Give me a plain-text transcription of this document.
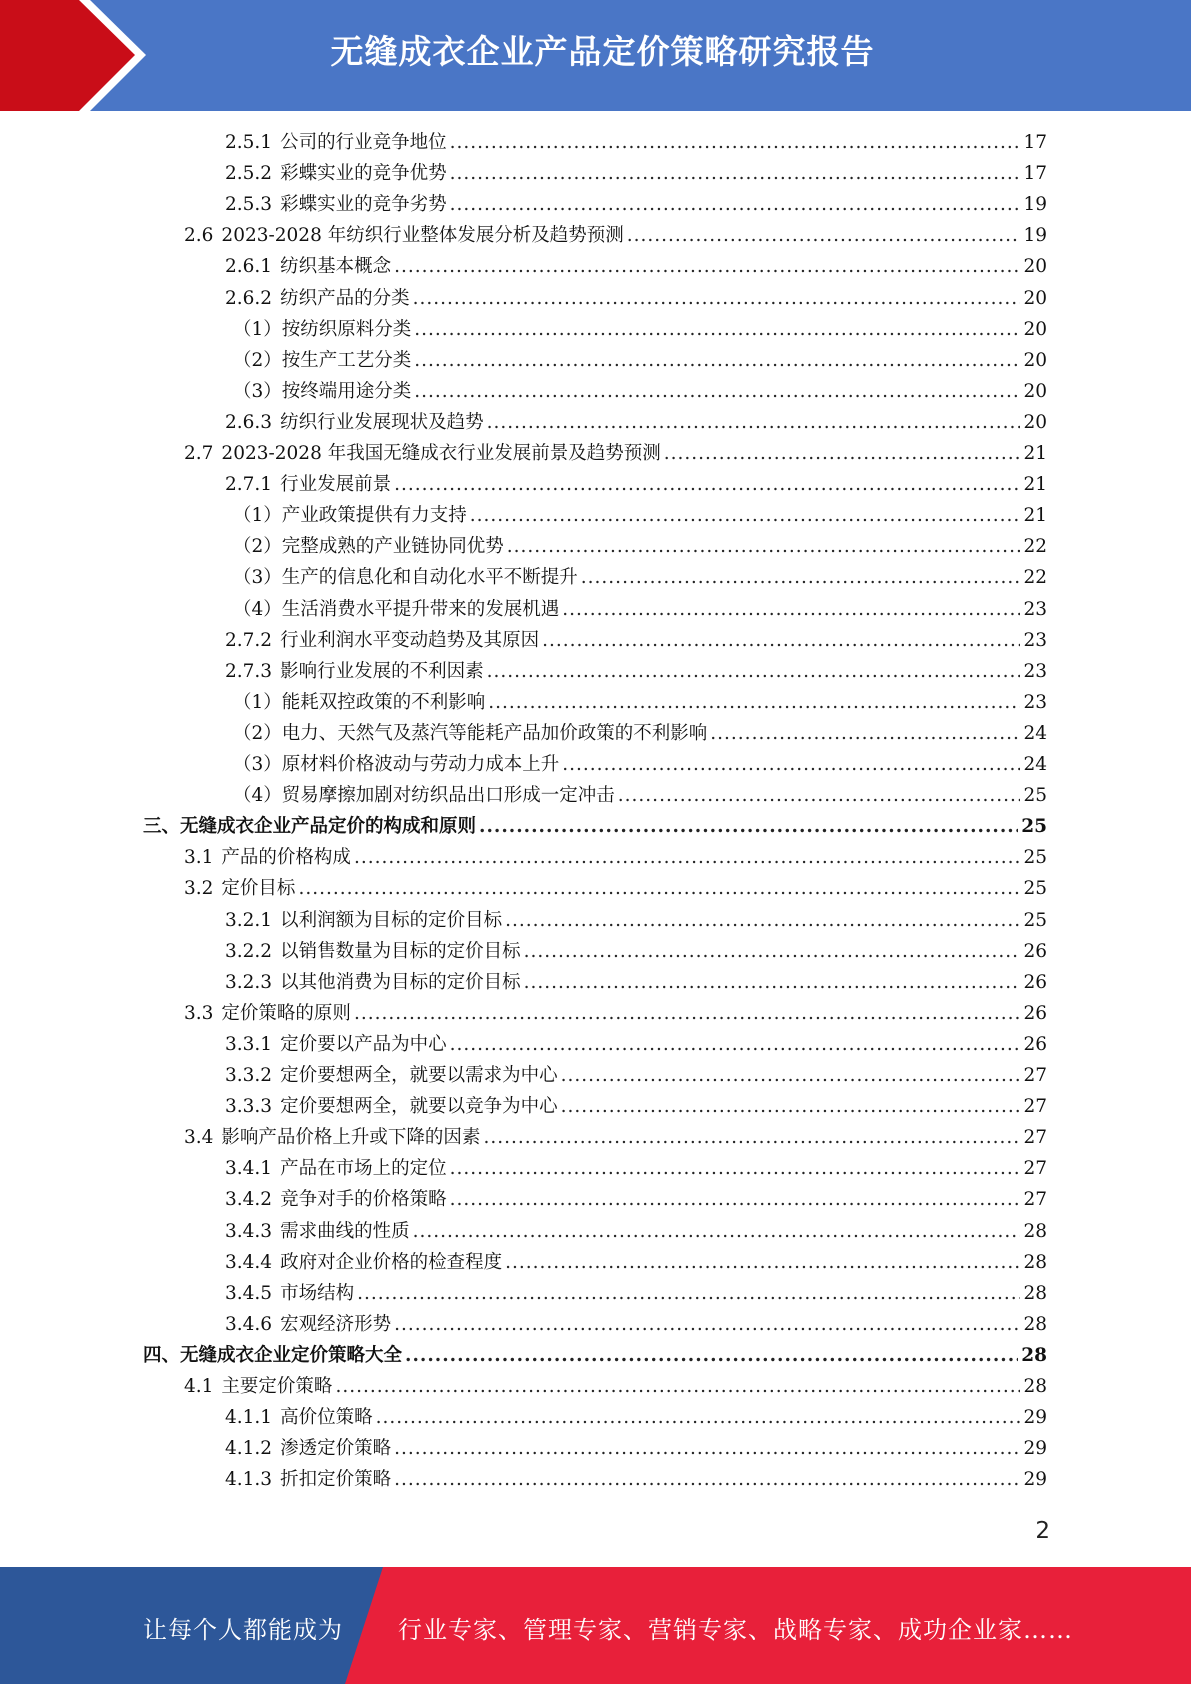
无缝成衣企业产品定价策略研究报告
2.5.1 公司的行业竞争地位 .....	17
2.5.2 彩蝶实业的竞争优势 .....	17
2.5.3 彩蝶实业的竞争劣势 .....	19
2.6 2023-2028 年纺织行业整体发展分析及趋势预测 .....	19
2.6.1 纺织基本概念 .....	20
2.6.2 纺织产品的分类 .....	20
（1）按纺织原料分类 .....	20
（2）按生产工艺分类 .....	20
（3）按终端用途分类 .....	20
2.6.3 纺织行业发展现状及趋势 .....	20
2.7 2023-2028 年我国无缝成衣行业发展前景及趋势预测 .....	21
2.7.1 行业发展前景 .....	21
（1）产业政策提供有力支持 .....	21
（2）完整成熟的产业链协同优势 .....	22
（3）生产的信息化和自动化水平不断提升 .....	22
（4）生活消费水平提升带来的发展机遇 .....	23
2.7.2 行业利润水平变动趋势及其原因 .....	23
2.7.3 影响行业发展的不利因素 .....	23
（1）能耗双控政策的不利影响 .....	23
（2）电力、天然气及蒸汽等能耗产品加价政策的不利影响 .....	24
（3）原材料价格波动与劳动力成本上升 .....	24
（4）贸易摩擦加剧对纺织品出口形成一定冲击 .....	25
三、无缝成衣企业产品定价的构成和原则 .....	25
3.1 产品的价格构成 .....	25
3.2 定价目标 .....	25
3.2.1 以利润额为目标的定价目标 .....	25
3.2.2 以销售数量为目标的定价目标 .....	26
3.2.3 以其他消费为目标的定价目标 .....	26
3.3 定价策略的原则 .....	26
3.3.1 定价要以产品为中心 .....	26
3.3.2 定价要想两全，就要以需求为中心 .....	27
3.3.3 定价要想两全，就要以竞争为中心 .....	27
3.4 影响产品价格上升或下降的因素 .....	27
3.4.1 产品在市场上的定位 .....	27
3.4.2 竞争对手的价格策略 .....	27
3.4.3 需求曲线的性质 .....	28
3.4.4 政府对企业价格的检查程度 .....	28
3.4.5 市场结构 .....	28
3.4.6 宏观经济形势 .....	28
四、无缝成衣企业定价策略大全 .....	28
4.1 主要定价策略 .....	28
4.1.1 高价位策略 .....	29
4.1.2 渗透定价策略 .....	29
4.1.3 折扣定价策略 .....	29
2
让每个人都能成为 行业专家、管理专家、营销专家、战略专家、成功企业家……
